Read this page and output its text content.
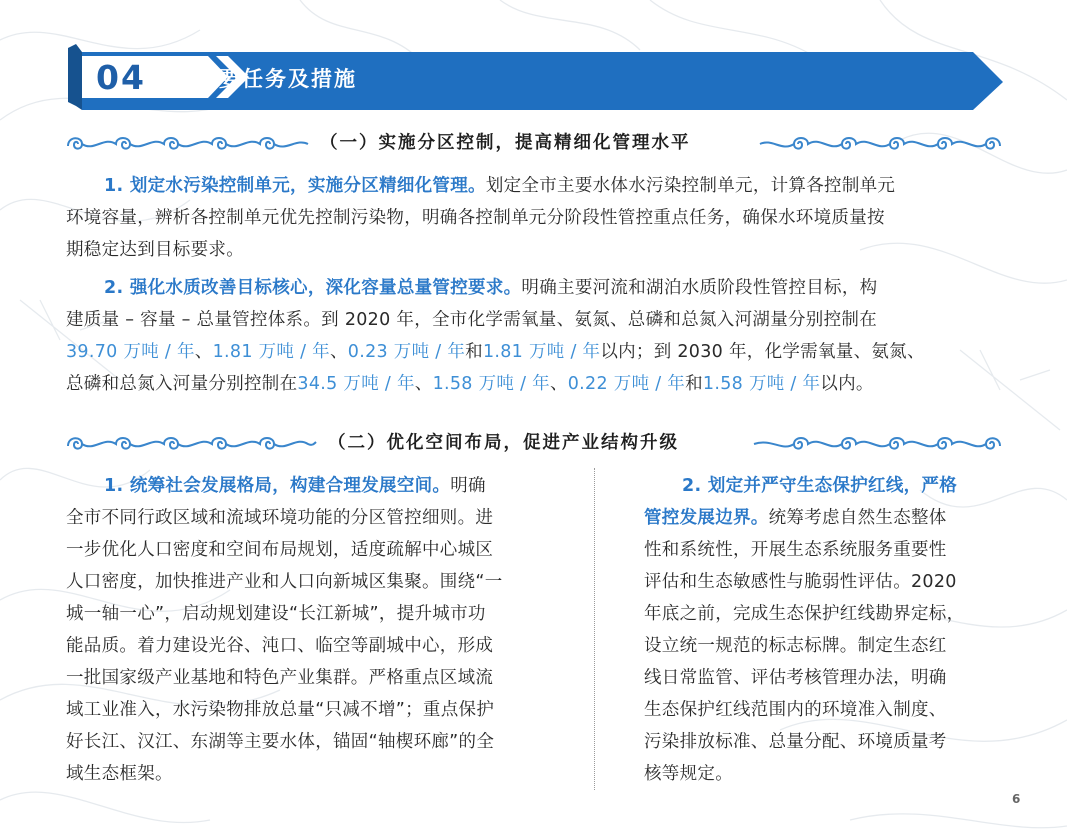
04 主要任务及措施
（一）实施分区控制，提高精细化管理水平
1. 划定水污染控制单元，实施分区精细化管理。划定全市主要水体水污染控制单元，计算各控制单元
环境容量，辨析各控制单元优先控制污染物，明确各控制单元分阶段性管控重点任务，确保水环境质量按
期稳定达到目标要求。
2. 强化水质改善目标核心，深化容量总量管控要求。明确主要河流和湖泊水质阶段性管控目标，构
建质量 – 容量 – 总量管控体系。到 2020 年，全市化学需氧量、氨氮、总磷和总氮入河湖量分别控制在
39.70 万吨 / 年、1.81 万吨 / 年、0.23 万吨 / 年和1.81 万吨 / 年以内；到 2030 年，化学需氧量、氨氮、
总磷和总氮入河量分别控制在34.5 万吨 / 年、1.58 万吨 / 年、0.22 万吨 / 年和1.58 万吨 / 年以内。
（二）优化空间布局，促进产业结构升级
1. 统筹社会发展格局，构建合理发展空间。明确
全市不同行政区域和流域环境功能的分区管控细则。进
一步优化人口密度和空间布局规划，适度疏解中心城区
人口密度，加快推进产业和人口向新城区集聚。围绕“一
城一轴一心”，启动规划建设“长江新城”，提升城市功
能品质。着力建设光谷、沌口、临空等副城中心，形成
一批国家级产业基地和特色产业集群。严格重点区域流
域工业准入，水污染物排放总量“只减不增”；重点保护
好长江、汉江、东湖等主要水体，锚固“轴楔环廊”的全
域生态框架。
2. 划定并严守生态保护红线，严格
管控发展边界。统筹考虑自然生态整体
性和系统性，开展生态系统服务重要性
评估和生态敏感性与脆弱性评估。2020
年底之前，完成生态保护红线勘界定标，
设立统一规范的标志标牌。制定生态红
线日常监管、评估考核管理办法，明确
生态保护红线范围内的环境准入制度、
污染排放标准、总量分配、环境质量考
核等规定。
6
